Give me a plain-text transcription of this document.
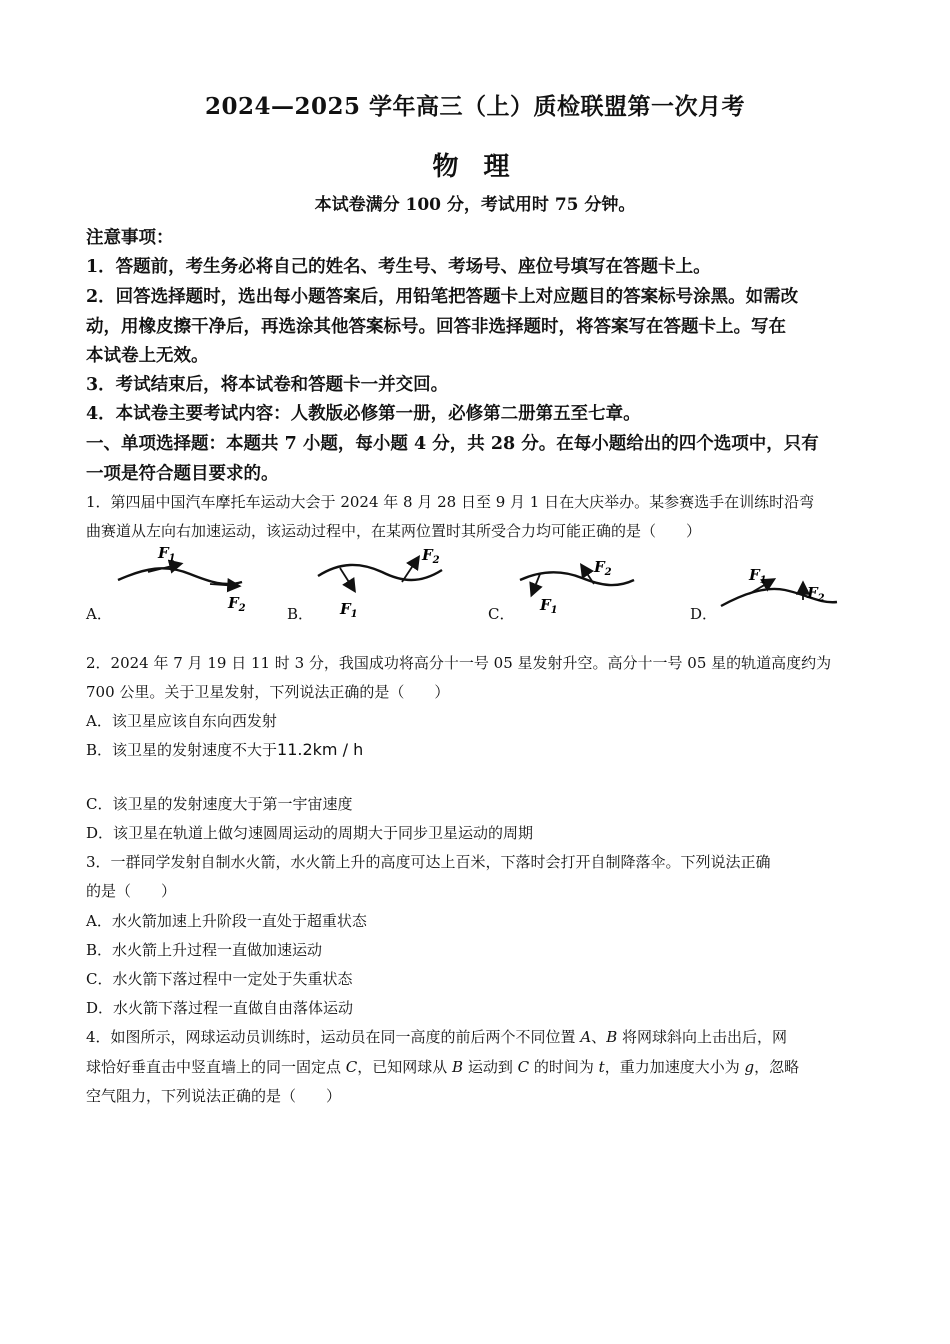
2024—2025 学年高三（上）质检联盟第一次月考
物 理
本试卷满分 100 分，考试用时 75 分钟。
注意事项：
1．答题前，考生务必将自己的姓名、考生号、考场号、座位号填写在答题卡上。
2．回答选择题时，选出每小题答案后，用铅笔把答题卡上对应题目的答案标号涂黑。如需改
动，用橡皮擦干净后，再选涂其他答案标号。回答非选择题时，将答案写在答题卡上。写在
本试卷上无效。
3．考试结束后，将本试卷和答题卡一并交回。
4．本试卷主要考试内容：人教版必修第一册，必修第二册第五至七章。
一、单项选择题：本题共 7 小题，每小题 4 分，共 28 分。在每小题给出的四个选项中，只有
一项是符合题目要求的。
1．第四届中国汽车摩托车运动大会于 2024 年 8 月 28 日至 9 月 1 日在大庆举办。某参赛选手在训练时沿弯
曲赛道从左向右加速运动，该运动过程中，在某两位置时其所受合力均可能正确的是（　　）
A．	B．	C．	D．
$F_1$
$F_2$	$F_1$
$F_2$
$F_1$
$F_2$	$F_1$
$F_2$
2．2024 年 7 月 19 日 11 时 3 分，我国成功将高分十一号 05 星发射升空。高分十一号 05 星的轨道高度约为
700 公里。关于卫星发射，下列说法正确的是（　　）
A．该卫星应该自东向西发射
B．该卫星的发射速度不大于11.2km / h
C．该卫星的发射速度大于第一宇宙速度
D．该卫星在轨道上做匀速圆周运动的周期大于同步卫星运动的周期
3．一群同学发射自制水火箭，水火箭上升的高度可达上百米，下落时会打开自制降落伞。下列说法正确
的是（　　）
A．水火箭加速上升阶段一直处于超重状态
B．水火箭上升过程一直做加速运动
C．水火箭下落过程中一定处于失重状态
D．水火箭下落过程一直做自由落体运动
4．如图所示，网球运动员训练时，运动员在同一高度的前后两个不同位置 A、B 将网球斜向上击出后，网
球恰好垂直击中竖直墙上的同一固定点 C，已知网球从 B 运动到 C 的时间为 t，重力加速度大小为 g，忽略
空气阻力，下列说法正确的是（　　）
